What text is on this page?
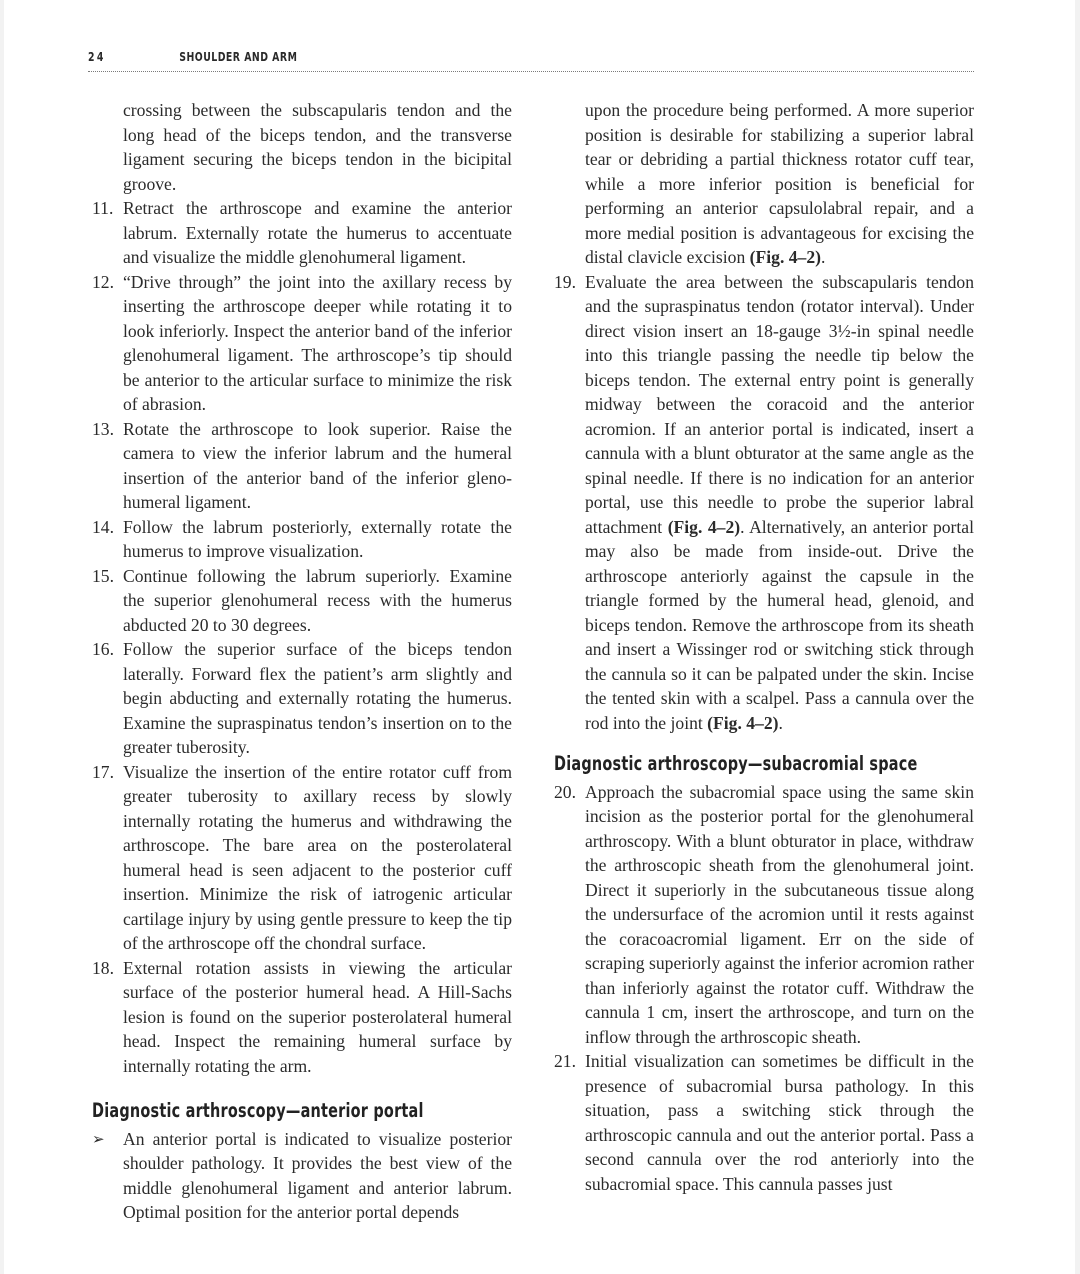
24	SHOULDER AND ARM

crossing between the subscapularis tendon and the long head of the biceps tendon, and the transverse ligament securing the biceps tendon in the bicipital groove.

11. Retract the arthroscope and examine the anterior labrum. Externally rotate the humerus to accentuate and visualize the middle glenohumeral ligament.

12. “Drive through” the joint into the axillary recess by inserting the arthroscope deeper while rotating it to look inferiorly. Inspect the anterior band of the inferior glenohumeral ligament. The arthroscope’s tip should be anterior to the articular surface to minimize the risk of abrasion.

13. Rotate the arthroscope to look superior. Raise the camera to view the inferior labrum and the humeral insertion of the anterior band of the inferior glenohumeral ligament.

14. Follow the labrum posteriorly, externally rotate the humerus to improve visualization.

15. Continue following the labrum superiorly. Examine the superior glenohumeral recess with the humerus abducted 20 to 30 degrees.

16. Follow the superior surface of the biceps tendon laterally. Forward flex the patient’s arm slightly and begin abducting and externally rotating the humerus. Examine the supraspinatus tendon’s insertion on to the greater tuberosity.

17. Visualize the insertion of the entire rotator cuff from greater tuberosity to axillary recess by slowly internally rotating the humerus and withdrawing the arthroscope. The bare area on the posterolateral humeral head is seen adjacent to the posterior cuff insertion. Minimize the risk of iatrogenic articular cartilage injury by using gentle pressure to keep the tip of the arthroscope off the chondral surface.

18. External rotation assists in viewing the articular surface of the posterior humeral head. A Hill-Sachs lesion is found on the superior posterolateral humeral head. Inspect the remaining humeral surface by internally rotating the arm.

Diagnostic arthroscopy—anterior portal

➢ An anterior portal is indicated to visualize posterior shoulder pathology. It provides the best view of the middle glenohumeral ligament and anterior labrum. Optimal position for the anterior portal depends

upon the procedure being performed. A more superior position is desirable for stabilizing a superior labral tear or debriding a partial thickness rotator cuff tear, while a more inferior position is beneficial for performing an anterior capsulolabral repair, and a more medial position is advantageous for excising the distal clavicle excision (Fig. 4–2).

19. Evaluate the area between the subscapularis tendon and the supraspinatus tendon (rotator interval). Under direct vision insert an 18-gauge 3½-in spinal needle into this triangle passing the needle tip below the biceps tendon. The external entry point is generally midway between the coracoid and the anterior acromion. If an anterior portal is indicated, insert a cannula with a blunt obturator at the same angle as the spinal needle. If there is no indication for an anterior portal, use this needle to probe the superior labral attachment (Fig. 4–2). Alternatively, an anterior portal may also be made from inside-out. Drive the arthroscope anteriorly against the capsule in the triangle formed by the humeral head, glenoid, and biceps tendon. Remove the arthroscope from its sheath and insert a Wissinger rod or switching stick through the cannula so it can be palpated under the skin. Incise the tented skin with a scalpel. Pass a cannula over the rod into the joint (Fig. 4–2).

Diagnostic arthroscopy—subacromial space

20. Approach the subacromial space using the same skin incision as the posterior portal for the glenohumeral arthroscopy. With a blunt obturator in place, withdraw the arthroscopic sheath from the glenohumeral joint. Direct it superiorly in the subcutaneous tissue along the undersurface of the acromion until it rests against the coracoacromial ligament. Err on the side of scraping superiorly against the inferior acromion rather than inferiorly against the rotator cuff. Withdraw the cannula 1 cm, insert the arthroscope, and turn on the inflow through the arthroscopic sheath.

21. Initial visualization can sometimes be difficult in the presence of subacromial bursa pathology. In this situation, pass a switching stick through the arthroscopic cannula and out the anterior portal. Pass a second cannula over the rod anteriorly into the subacromial space. This cannula passes just
